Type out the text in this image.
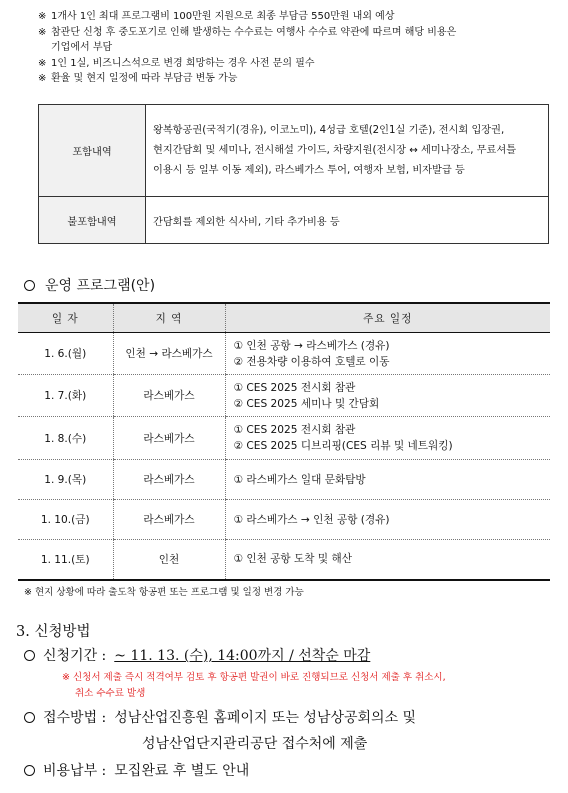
※ 1개사 1인 최대 프로그램비 100만원 지원으로 최종 부담금 550만원 내외 예상
※ 참관단 신청 후 중도포기로 인해 발생하는 수수료는 여행사 수수료 약관에 따르며 해당 비용은
기업에서 부담
※ 1인 1실, 비즈니스석으로 변경 희망하는 경우 사전 문의 필수
※ 환율 및 현지 일정에 따라 부담금 변동 가능
포함내역	왕복항공권(국적기(경유), 이코노미), 4성급 호텔(2인1실 기준), 전시회 입장권,
현지간담회 및 세미나, 전시해설 가이드, 차량지원(전시장 ↔ 세미나장소, 무료셔틀
이용시 등 일부 이동 제외), 라스베가스 투어, 여행자 보험, 비자발급 등

불포함내역	간담회를 제외한 식사비, 기타 추가비용 등
운영 프로그램(안)
일 자	지 역	주요 일정
1. 6.(월)	인천 → 라스베가스	① 인천 공항 → 라스베가스 (경유)
② 전용차량 이용하여 호텔로 이동

1. 7.(화)	라스베가스	① CES 2025 전시회 참관
② CES 2025 세미나 및 간담회

1. 8.(수)	라스베가스	① CES 2025 전시회 참관
② CES 2025 디브리핑(CES 리뷰 및 네트워킹)

1. 9.(목)	라스베가스	① 라스베가스 일대 문화탐방

1. 10.(금)	라스베가스	① 라스베가스 → 인천 공항 (경유)

1. 11.(토)	인천	① 인천 공항 도착 및 해산
※ 현지 상황에 따라 출도착 항공편 또는 프로그램 및 일정 변경 가능
3. 신청방법
신청기간 : ~ 11. 13. (수), 14:00까지 / 선착순 마감
※ 신청서 제출 즉시 적격여부 검토 후 항공편 발권이 바로 진행되므로 신청서 제출 후 취소시,
취소 수수료 발생
접수방법 : 성남산업진흥원 홈페이지 또는 성남상공회의소 및
성남산업단지관리공단 접수처에 제출
비용납부 : 모집완료 후 별도 안내
